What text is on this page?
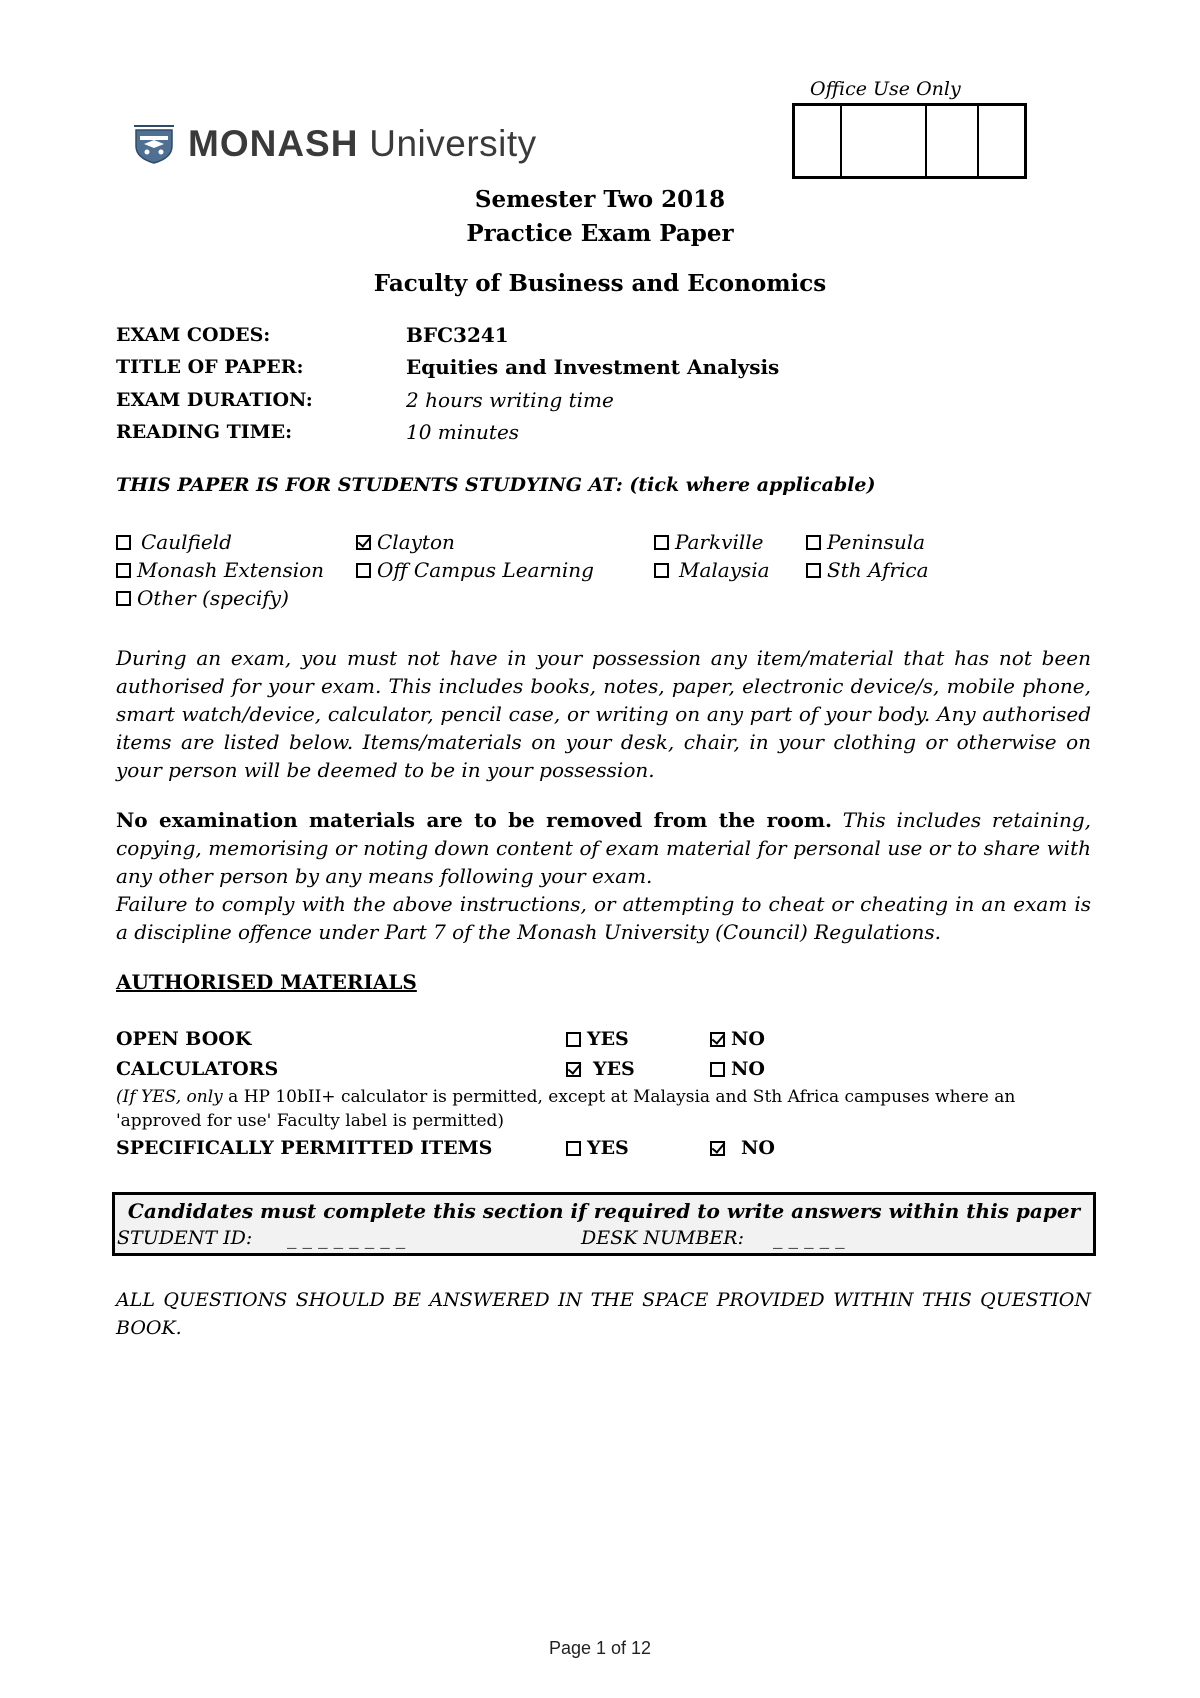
MONASH University
Office Use Only
Semester Two 2018
Practice Exam Paper
Faculty of Business and Economics
EXAM CODES:	BFC3241
TITLE OF PAPER:	Equities and Investment Analysis
EXAM DURATION:	2 hours writing time
READING TIME:	10 minutes
THIS PAPER IS FOR STUDENTS STUDYING AT: (tick where applicable)
Caulfield	Clayton	Parkville	Peninsula
Monash Extension	Off Campus Learning	Malaysia	Sth Africa
Other (specify)
During an exam, you must not have in your possession any item/material that has not been authorised for your exam. This includes books, notes, paper, electronic device/s, mobile phone, smart watch/device, calculator, pencil case, or writing on any part of your body. Any authorised items are listed below. Items/materials on your desk, chair, in your clothing or otherwise on your person will be deemed to be in your possession.
No examination materials are to be removed from the room. This includes retaining, copying, memorising or noting down content of exam material for personal use or to share with any other person by any means following your exam.
Failure to comply with the above instructions, or attempting to cheat or cheating in an exam is a discipline offence under Part 7 of the Monash University (Council) Regulations.
AUTHORISED MATERIALS
OPEN BOOK	YES	NO
CALCULATORS	YES	NO
(If YES, only a HP 10bII+ calculator is permitted, except at Malaysia and Sth Africa campuses where an 'approved for use' Faculty label is permitted)
SPECIFICALLY PERMITTED ITEMS	YES	NO
Candidates must complete this section if required to write answers within this paper
STUDENT ID: _ _ _ _ _ _ _ _	DESK NUMBER: _ _ _ _ _
ALL QUESTIONS SHOULD BE ANSWERED IN THE SPACE PROVIDED WITHIN THIS QUESTION BOOK.
Page 1 of 12
